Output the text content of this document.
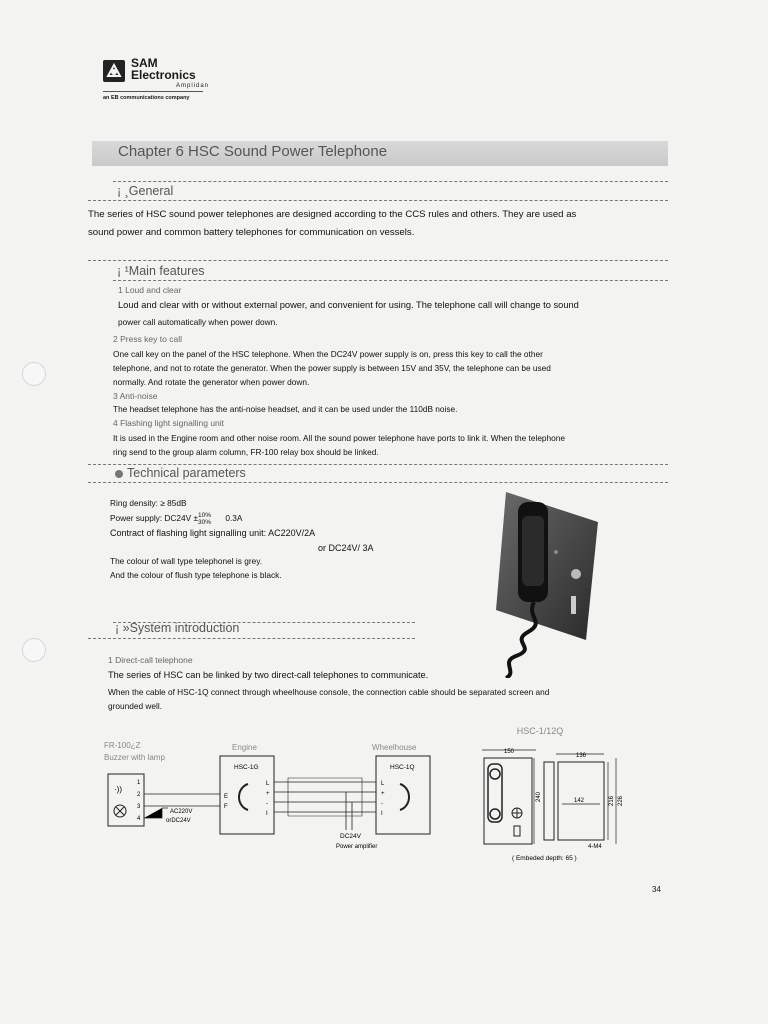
SAM
Electronics
Amplidan
an EB communications company
Chapter 6 HSC Sound Power Telephone
¡ ¸General
The series of HSC sound power telephones are designed according to the CCS rules and others. They are used as
sound power and common battery telephones for communication on vessels.
¡ ¹Main features
1 Loud and clear
Loud and clear with or without external power, and convenient for using. The telephone call will change to sound
power call automatically when power down.
2 Press key to call
One call key on the panel of the HSC telephone. When the DC24V power supply is on, press this key to call the other
telephone, and not to rotate the generator. When the power supply is between 15V and 35V, the telephone can be used
normally. And rotate the generator when power down.
3 Anti-noise
The headset telephone has the anti-noise headset, and it can be used under the 110dB noise.
4 Flashing light signalling unit
It is used in the Engine room and other noise room. All the sound power telephone have ports to link it. When the telephone
ring send to the group alarm column, FR-100 relay box should be linked.
Technical parameters
Ring density: ≥ 85dB
Power supply: DC24V ±10%
30% 0.3A
Contract of flashing light signalling unit: AC220V/2A
or DC24V/ 3A
The colour of wall type telephonel is grey.
And the colour of flush type telephone is black.
¡ »System introduction
1 Direct-call telephone
The series of HSC can be linked by two direct-call telephones to communicate.
When the cable of HSC-1Q connect through wheelhouse console, the connection cable should be separated screen and
grounded well.
FR-100¿Z
Buzzer with lamp
Engine	Wheelhouse
·))
1
2
3
4
AC220V
orDC24V
HSC-1G
E
F
L
+
-
I
DC24V
Power amplifier
HSC-1Q
L
+
-
I
HSC-1/12Q
150
136
240	142	216 226
4-M4
( Embeded depth: 65 )
34
